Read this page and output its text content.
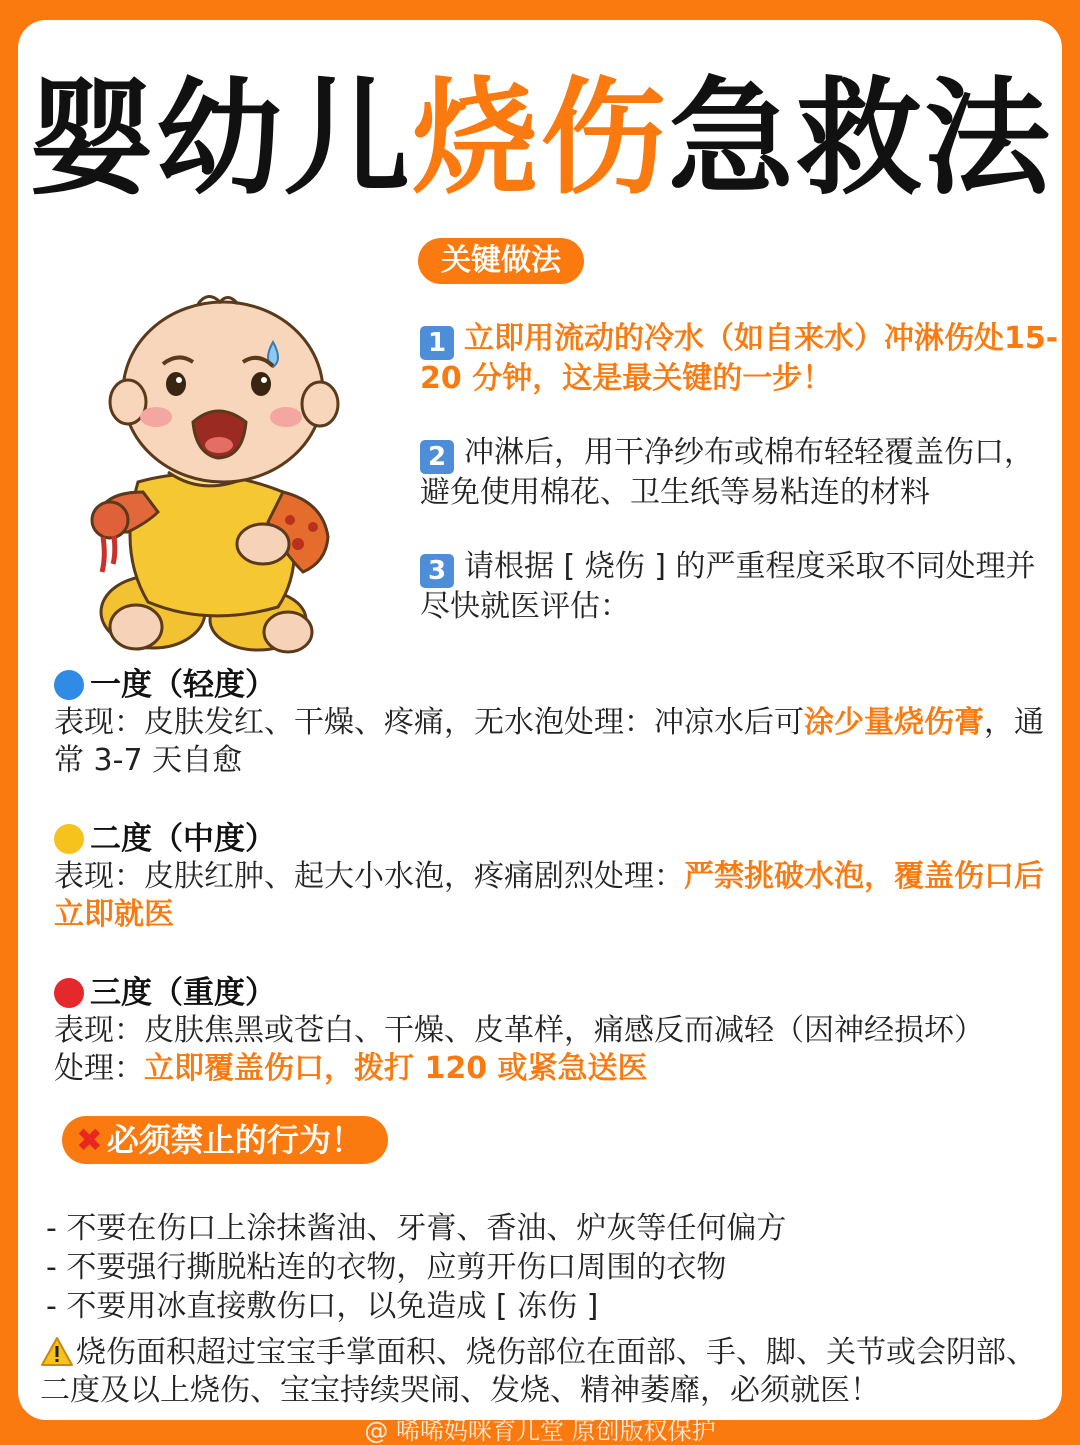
婴幼儿烧伤急救法
关键做法
1 立即用流动的冷水（如自来水）冲淋伤处15-20 分钟，这是最关键的一步！
2 冲淋后，用干净纱布或棉布轻轻覆盖伤口，避免使用棉花、卫生纸等易粘连的材料
3 请根据 [ 烧伤 ] 的严重程度采取不同处理并尽快就医评估：
一度（轻度）
表现：皮肤发红、干燥、疼痛，无水泡处理：冲凉水后可涂少量烧伤膏，通常 3-7 天自愈
二度（中度）
表现：皮肤红肿、起大小水泡，疼痛剧烈处理：严禁挑破水泡，覆盖伤口后立即就医
三度（重度）
表现：皮肤焦黑或苍白、干燥、皮革样，痛感反而减轻（因神经损坏）
处理：立即覆盖伤口，拨打 120 或紧急送医
✖ 必须禁止的行为！
- 不要在伤口上涂抹酱油、牙膏、香油、炉灰等任何偏方
- 不要强行撕脱粘连的衣物，应剪开伤口周围的衣物
- 不要用冰直接敷伤口，以免造成 [ 冻伤 ]
烧伤面积超过宝宝手掌面积、烧伤部位在面部、手、脚、关节或会阴部、二度及以上烧伤、宝宝持续哭闹、发烧、精神萎靡，必须就医！
@ 唏唏妈咪育儿堂 原创版权保护
